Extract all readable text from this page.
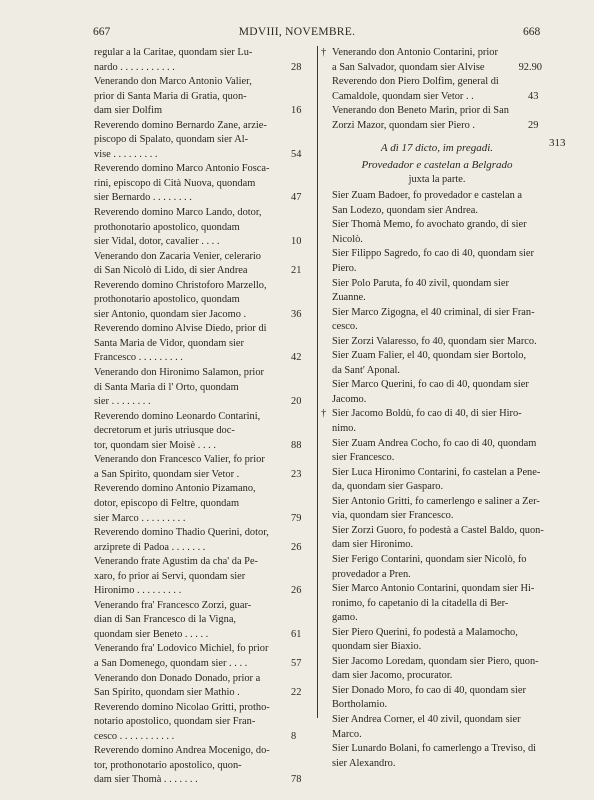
667	MDVIII, NOVEMBRE.	668
313
regular a la Caritae, quondam sier Lu-
nardo . . . . . . . . . . .	28
Venerando don Marco Antonio Valier,
prior di Santa Maria di Gratia, quon-
dam sier Dolfim	16
Reverendo domino Bernardo Zane, arzie-
piscopo di Spalato, quondam sier Al-
vise . . . . . . . . .	54
Reverendo domino Marco Antonio Fosca-
rini, episcopo di Cità Nuova, quondam
sier Bernardo . . . . . . . .	47
Reverendo domino Marco Lando, dotor,
prothonotario apostolico, quondam
sier Vidal, dotor, cavalier . . . .	10
Venerando don Zacaria Venier, celerario
di San Nicolò di Lido, di sier Andrea	21
Reverendo domino Christoforo Marzello,
prothonotario apostolico, quondam
sier Antonio, quondam sier Jacomo .	36
Reverendo domino Alvise Diedo, prior di
Santa Maria de Vidor, quondam sier
Francesco . . . . . . . . .	42
Venerando don Hironimo Salamon, prior
di Santa Maria di l' Orto, quondam
sier . . . . . . . .	20
Reverendo domino Leonardo Contarini,
decretorum et juris utriusque doc-
tor, quondam sier Moisè . . . .	88
Venerando don Francesco Valier, fo prior
a San Spirito, quondam sier Vetor .	23
Reverendo domino Antonio Pizamano,
dotor, episcopo di Feltre, quondam
sier Marco . . . . . . . . .	79
Reverendo domino Thadio Querini, dotor,
arziprete di Padoa . . . . . . .	26
Venerando frate Agustim da cha' da Pe-
xaro, fo prior ai Servi, quondam sier
Hironimo . . . . . . . . .	26
Venerando fra' Francesco Zorzi, guar-
dian di San Francesco di la Vigna,
quondam sier Beneto . . . . .	61
Venerando fra' Lodovico Michiel, fo prior
a San Domenego, quondam sier . . . .	57
Venerando don Donado Donado, prior a
San Spirito, quondam sier Mathio .	22
Reverendo domino Nicolao Gritti, protho-
notario apostolico, quondam sier Fran-
cesco . . . . . . . . . . .	8
Reverendo domino Andrea Mocenigo, do-
tor, prothonotario apostolico, quon-
dam sier Thomà . . . . . . .	78
† Venerando don Antonio Contarini, prior
a San Salvador, quondam sier Alvise	92.90
Reverendo don Piero Dolfim, general di
Camaldole, quondam sier Vetor . .	43
Venerando don Beneto Marin, prior di San
Zorzi Mazor, quondam sier Piero .	29
A dì 17 dicto, im pregadi.
Provedador e castelan a Belgrado
juxta la parte.
Sier Zuam Badoer, fo provedador e castelan a
San Lodezo, quondam sier Andrea.
Sier Thomà Memo, fo avochato grando, di sier
Nicolò.
Sier Filippo Sagredo, fo cao di 40, quondam sier
Piero.
Sier Polo Paruta, fo 40 zivil, quondam sier
Zuanne.
Sier Marco Zigogna, el 40 criminal, di sier Fran-
cesco.
Sier Zorzi Valaresso, fo 40, quondam sier Marco.
Sier Zuam Falier, el 40, quondam sier Bortolo,
da Sant' Aponal.
Sier Marco Querini, fo cao di 40, quondam sier
Jacomo.
† Sier Jacomo Boldù, fo cao di 40, di sier Hiro-
nimo.
Sier Zuam Andrea Cocho, fo cao di 40, quondam
sier Francesco.
Sier Luca Hironimo Contarini, fo castelan a Pene-
da, quondam sier Gasparo.
Sier Antonio Gritti, fo camerlengo e saliner a Zer-
via, quondam sier Francesco.
Sier Zorzi Guoro, fo podestà a Castel Baldo, quon-
dam sier Hironimo.
Sier Ferigo Contarini, quondam sier Nicolò, fo
provedador a Pren.
Sier Marco Antonio Contarini, quondam sier Hi-
ronimo, fo capetanio di la citadella di Ber-
gamo.
Sier Piero Querini, fo podestà a Malamocho,
quondam sier Biaxio.
Sier Jacomo Loredam, quondam sier Piero, quon-
dam sier Jacomo, procurator.
Sier Donado Moro, fo cao di 40, quondam sier
Bortholamio.
Sier Andrea Corner, el 40 zivil, quondam sier
Marco.
Sier Lunardo Bolani, fo camerlengo a Treviso, di
sier Alexandro.
